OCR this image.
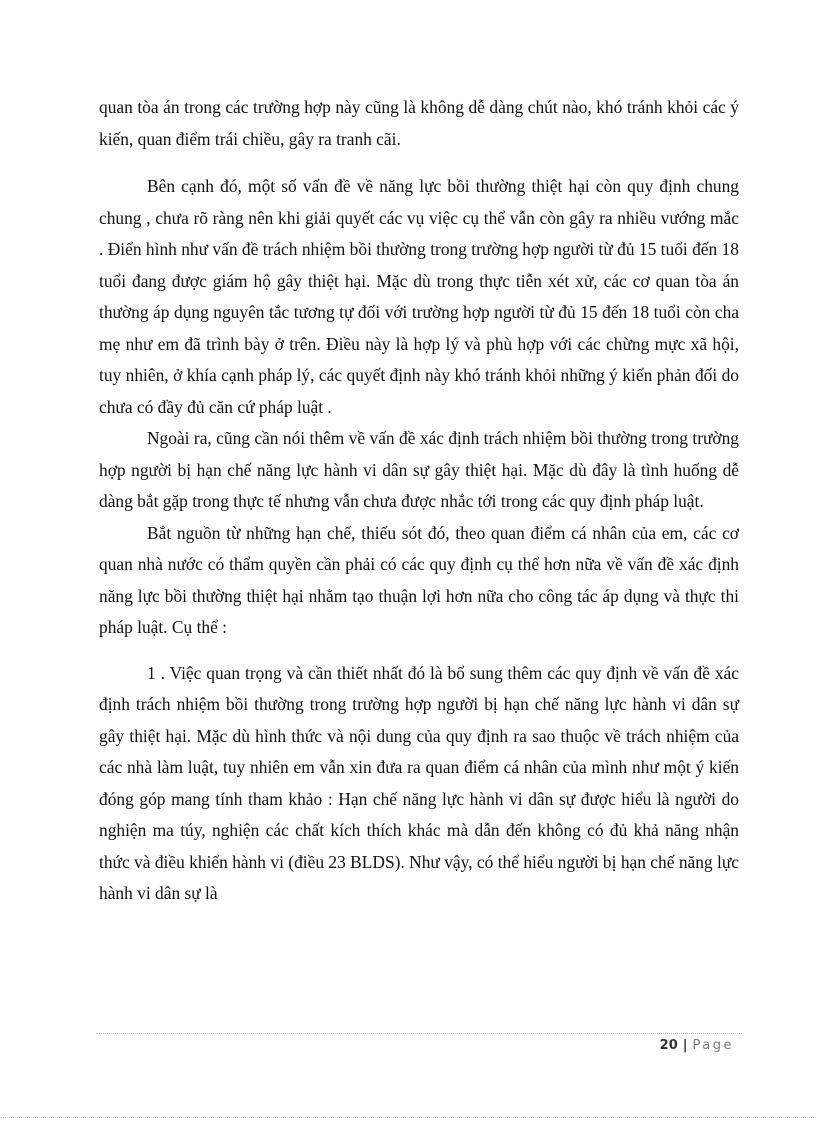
quan tòa án trong các trường hợp này cũng là không dễ dàng chút nào, khó tránh khỏi các ý kiến, quan điểm trái chiều, gây ra tranh cãi.

Bên cạnh đó, một số vấn đề về năng lực bồi thường thiệt hại còn quy định chung chung , chưa rõ ràng nên khi giải quyết các vụ việc cụ thể vẫn còn gây ra nhiều vướng mắc . Điển hình như vấn đề trách nhiệm bồi thường trong trường hợp người từ đủ 15 tuổi đến 18 tuổi đang được giám hộ gây thiệt hại. Mặc dù trong thực tiễn xét xử, các cơ quan tòa án thường áp dụng nguyên tắc tương tự đối với trường hợp người từ đủ 15 đến 18 tuổi còn cha mẹ như em đã trình bày ở trên. Điều này là hợp lý và phù hợp với các chừng mực xã hội, tuy nhiên, ở khía cạnh pháp lý, các quyết định này khó tránh khỏi những ý kiến phản đối do chưa có đầy đủ căn cứ pháp luật .

Ngoài ra, cũng cần nói thêm về vấn đề xác định trách nhiệm bồi thường trong trường hợp người bị hạn chế năng lực hành vi dân sự gây thiệt hại. Mặc dù đây là tình huống dễ dàng bắt gặp trong thực tế nhưng vẫn chưa được nhắc tới trong các quy định pháp luật.

Bắt nguồn từ những hạn chế, thiếu sót đó, theo quan điểm cá nhân của em, các cơ quan nhà nước có thẩm quyền cần phải có các quy định cụ thể hơn nữa về vấn đề xác định năng lực bồi thường thiệt hại nhằm tạo thuận lợi hơn nữa cho công tác áp dụng và thực thi pháp luật. Cụ thể :

1 . Việc quan trọng và cần thiết nhất đó là bổ sung thêm các quy định về vấn đề xác định trách nhiệm bồi thường trong trường hợp người bị hạn chế năng lực hành vi dân sự gây thiệt hại. Mặc dù hình thức và nội dung của quy định ra sao thuộc về trách nhiệm của các nhà làm luật, tuy nhiên em vẫn xin đưa ra quan điểm cá nhân của mình như một ý kiến đóng góp mang tính tham khảo : Hạn chế năng lực hành vi dân sự được hiểu là người do nghiện ma túy, nghiện các chất kích thích khác mà dẫn đến không có đủ khả năng nhận thức và điều khiển hành vi (điều 23 BLDS). Như vậy, có thể hiểu người bị hạn chế năng lực hành vi dân sự là

20 | Page
